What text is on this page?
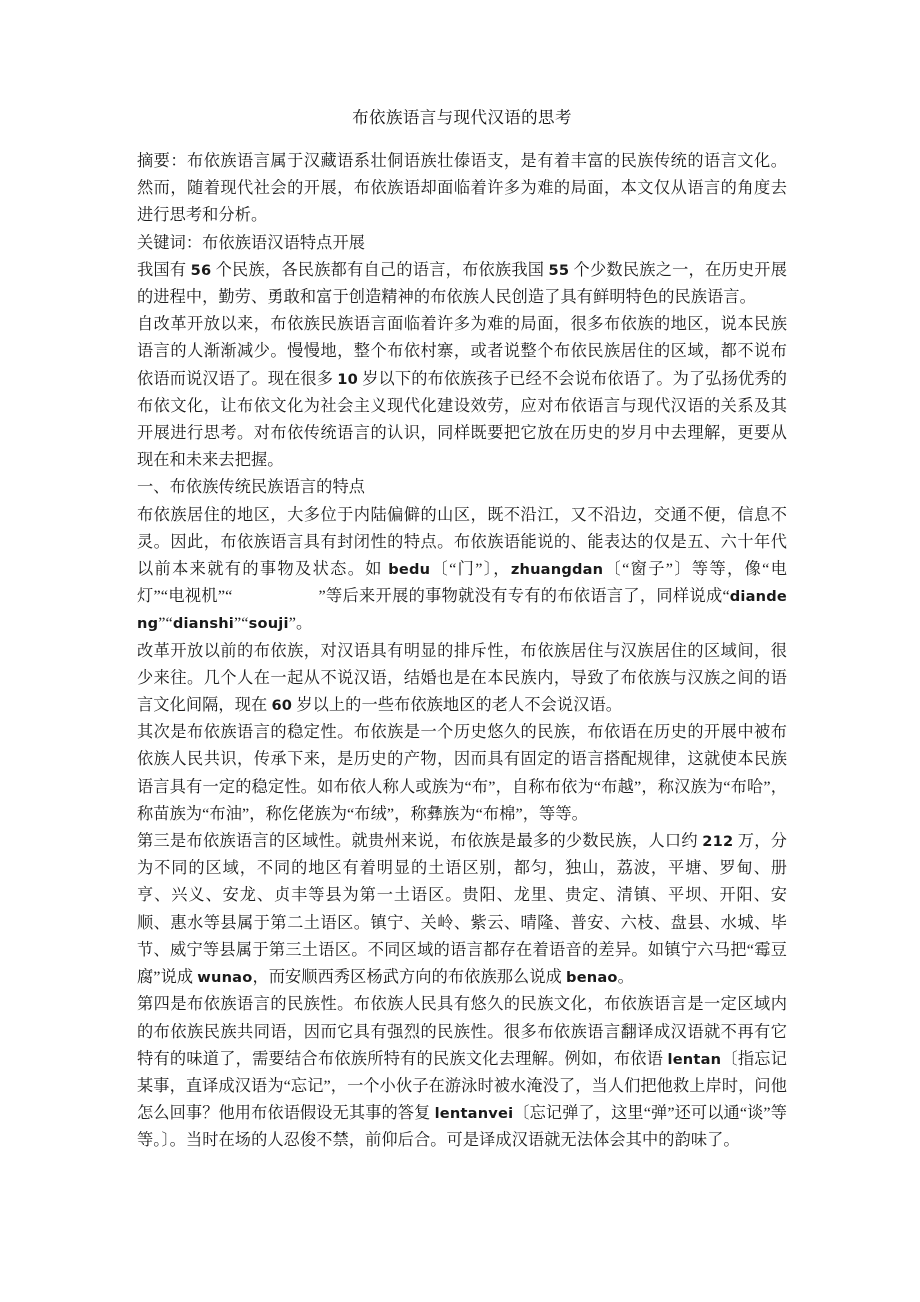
布依族语言与现代汉语的思考

摘要：布依族语言属于汉藏语系壮侗语族壮傣语支，是有着丰富的民族传统的语言文化。然而，随着现代社会的开展，布依族语却面临着许多为难的局面，本文仅从语言的角度去进行思考和分析。

关键词：布依族语汉语特点开展

我国有 56 个民族，各民族都有自己的语言，布依族我国 55 个少数民族之一，在历史开展的进程中，勤劳、勇敢和富于创造精神的布依族人民创造了具有鲜明特色的民族语言。

自改革开放以来，布依族民族语言面临着许多为难的局面，很多布依族的地区，说本民族语言的人渐渐减少。慢慢地，整个布依村寨，或者说整个布依民族居住的区域，都不说布依语而说汉语了。现在很多 10 岁以下的布依族孩子已经不会说布依语了。为了弘扬优秀的布依文化，让布依文化为社会主义现代化建设效劳，应对布依语言与现代汉语的关系及其开展进行思考。对布依传统语言的认识，同样既要把它放在历史的岁月中去理解，更要从现在和未来去把握。

一、布依族传统民族语言的特点

布依族居住的地区，大多位于内陆偏僻的山区，既不沿江，又不沿边，交通不便，信息不灵。因此，布依族语言具有封闭性的特点。布依族语能说的、能表达的仅是五、六十年代以前本来就有的事物及状态。如 bedu〔“门”〕，zhuangdan〔“窗子”〕等等，像“电灯”“电视机”“	”等后来开展的事物就没有专有的布依语言了，同样说成“diandeng”“dianshi”“souji”。

改革开放以前的布依族，对汉语具有明显的排斥性，布依族居住与汉族居住的区域间，很少来往。几个人在一起从不说汉语，结婚也是在本民族内，导致了布依族与汉族之间的语言文化间隔，现在 60 岁以上的一些布依族地区的老人不会说汉语。

其次是布依族语言的稳定性。布依族是一个历史悠久的民族，布依语在历史的开展中被布依族人民共识，传承下来，是历史的产物，因而具有固定的语言搭配规律，这就使本民族语言具有一定的稳定性。如布依人称人或族为“布”，自称布依为“布越”，称汉族为“布哈”，称苗族为“布油”，称仡佬族为“布绒”，称彝族为“布棉”，等等。

第三是布依族语言的区域性。就贵州来说，布依族是最多的少数民族，人口约 212 万，分为不同的区域，不同的地区有着明显的土语区别，都匀，独山，荔波，平塘、罗甸、册亨、兴义、安龙、贞丰等县为第一土语区。贵阳、龙里、贵定、清镇、平坝、开阳、安顺、惠水等县属于第二土语区。镇宁、关岭、紫云、晴隆、普安、六枝、盘县、水城、毕节、威宁等县属于第三土语区。不同区域的语言都存在着语音的差异。如镇宁六马把“霉豆腐”说成 wunao，而安顺西秀区杨武方向的布依族那么说成 benao。

第四是布依族语言的民族性。布依族人民具有悠久的民族文化，布依族语言是一定区域内的布依族民族共同语，因而它具有强烈的民族性。很多布依族语言翻译成汉语就不再有它特有的味道了，需要结合布依族所特有的民族文化去理解。例如，布依语 lentan〔指忘记某事，直译成汉语为“忘记”，一个小伙子在游泳时被水淹没了，当人们把他救上岸时，问他怎么回事？他用布依语假设无其事的答复 lentanvei〔忘记弹了，这里“弹”还可以通“谈”等等。〕。当时在场的人忍俊不禁，前仰后合。可是译成汉语就无法体会其中的韵味了。
